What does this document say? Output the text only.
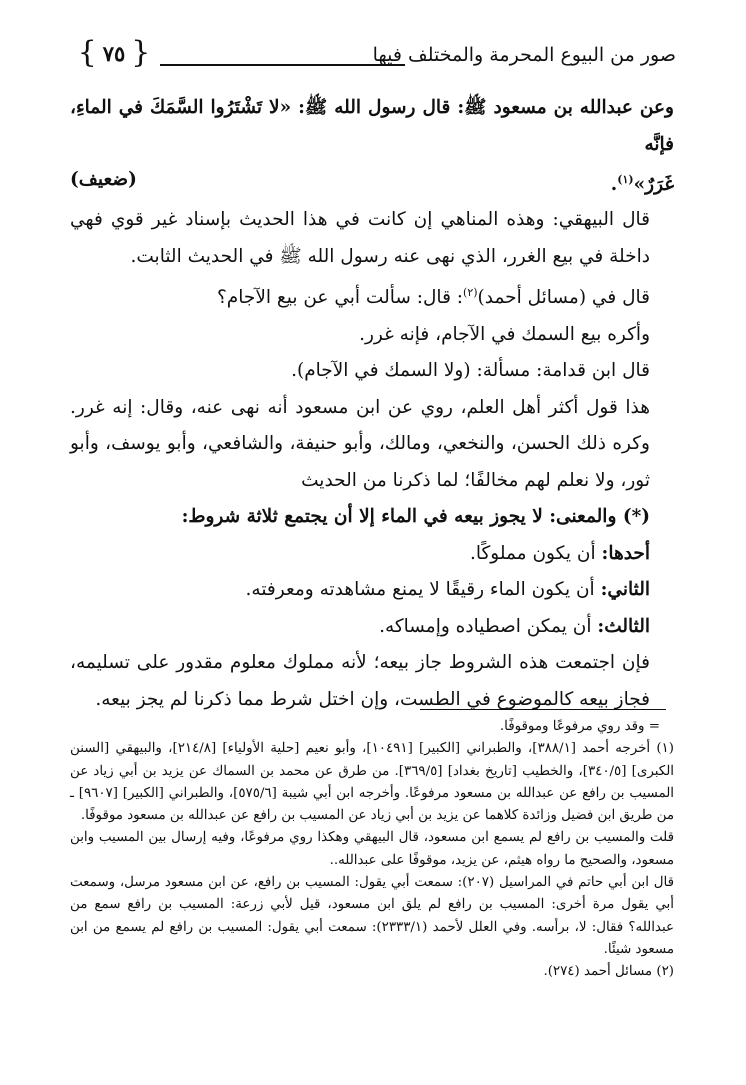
{ ٧٥ }	صور من البيوع المحرمة والمختلف فيها

وعن عبدالله بن مسعود ﷺ: قال رسول الله ﷺ: «لا تَشْتَرُوا السَّمَكَ في الماءِ، فإنَّه

غَرَرٌ»$^{(١)}$.
(ضعيف)

قال البيهقي: وهذه المناهي إن كانت في هذا الحديث بإسناد غير قوي فهي داخلة في بيع الغرر، الذي نهى عنه رسول الله ﷺ في الحديث الثابت.

قال في (مسائل أحمد)$^{(٢)}$: قال: سألت أبي عن بيع الآجام؟

وأكره بيع السمك في الآجام، فإنه غرر.

قال ابن قدامة: مسألة: (ولا السمك في الآجام).

هذا قول أكثر أهل العلم، روي عن ابن مسعود أنه نهى عنه، وقال: إنه غرر. وكره ذلك الحسن، والنخعي، ومالك، وأبو حنيفة، والشافعي، وأبو يوسف، وأبو ثور، ولا نعلم لهم مخالفًا؛ لما ذكرنا من الحديث

(*) والمعنى: لا يجوز بيعه في الماء إلا أن يجتمع ثلاثة شروط:

أحدها: أن يكون مملوكًا.

الثاني: أن يكون الماء رقيقًا لا يمنع مشاهدته ومعرفته.

الثالث: أن يمكن اصطياده وإمساكه.

فإن اجتمعت هذه الشروط جاز بيعه؛ لأنه مملوك معلوم مقدور على تسليمه، فجاز بيعه كالموضوع في الطست، وإن اختل شرط مما ذكرنا لم يجز بيعه.

= وقد روي مرفوعًا وموقوفًا.

(١) أخرجه أحمد [٣٨٨/١]، والطبراني [الكبير] [١٠٤٩١]، وأبو نعيم [حلية الأولياء] [٢١٤/٨]، والبيهقي [السنن الكبرى] [٣٤٠/٥]، والخطيب [تاريخ بغداد] [٣٦٩/٥]. من طرق عن محمد بن السماك عن يزيد بن أبي زياد عن المسيب بن رافع عن عبدالله بن مسعود مرفوعًا. وأخرجه ابن أبي شيبة [٥٧٥/٦]، والطبراني [الكبير] [٩٦٠٧] ـ من طريق ابن فضيل وزائدة كلاهما عن يزيد بن أبي زياد عن المسيب بن رافع عن عبدالله بن مسعود موقوفًا.

قلت والمسيب بن رافع لم يسمع ابن مسعود، قال البيهقي وهكذا روي مرفوعًا، وفيه إرسال بين المسيب وابن مسعود، والصحيح ما رواه هيثم، عن يزيد، موقوفًا على عبدالله..

قال ابن أبي حاتم في المراسيل (٢٠٧): سمعت أبي يقول: المسيب بن رافع، عن ابن مسعود مرسل، وسمعت أبي يقول مرة أخرى: المسيب بن رافع لم يلق ابن مسعود، قيل لأبي زرعة: المسيب بن رافع سمع من عبدالله؟ فقال: لا، برأسه. وفي العلل لأحمد (٢٣٣٣/١): سمعت أبي يقول: المسيب بن رافع لم يسمع من ابن مسعود شيئًا.

(٢) مسائل أحمد (٢٧٤).
